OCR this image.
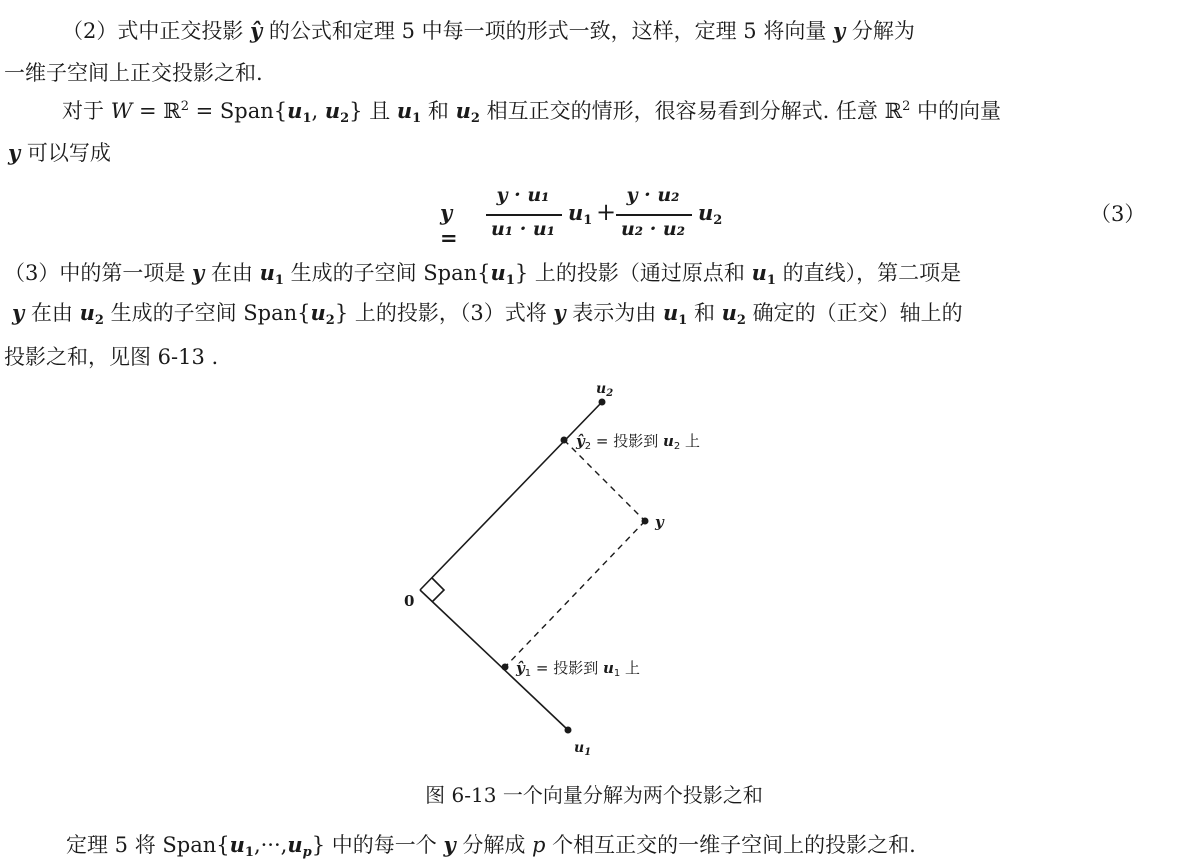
（2）式中正交投影 ŷ 的公式和定理 5 中每一项的形式一致，这样，定理 5 将向量 y 分解为
一维子空间上正交投影之和.
对于 W = ℝ$^2$ = $Span\{u_1$, $u_2$} 且 $u_1$ 和 $u_2$ 相互正交的情形，很容易看到分解式. 任意 ℝ$^2$ 中的向量
y 可以写成
y =
y · u₁
u₁ · u₁
$u_1$ +
y · u₂
u₂ · u₂
$u_2$	（3）
（3）中的第一项是 y 在由 $u_1$ 生成的子空间 $Span\{u_1\}$ 上的投影（通过原点和 $u_1$ 的直线），第二项是
y 在由 $u_2$ 生成的子空间 $Span\{u_2\}$ 上的投影，（3）式将 y 表示为由 $u_1$ 和 $u_2$ 确定的（正交）轴上的
投影之和，见图 6-13 .
0
$u_2$
$u_1$
y
$ŷ_2$ = 投影到 $u_2$ 上
$ŷ_1$ = 投影到 $u_1$ 上
图 6-13 一个向量分解为两个投影之和
定理 5 将 $Span\{u_1,\cdot\cdot\cdot,u_p\}$ 中的每一个 y 分解成 p 个相互正交的一维子空间上的投影之和.
